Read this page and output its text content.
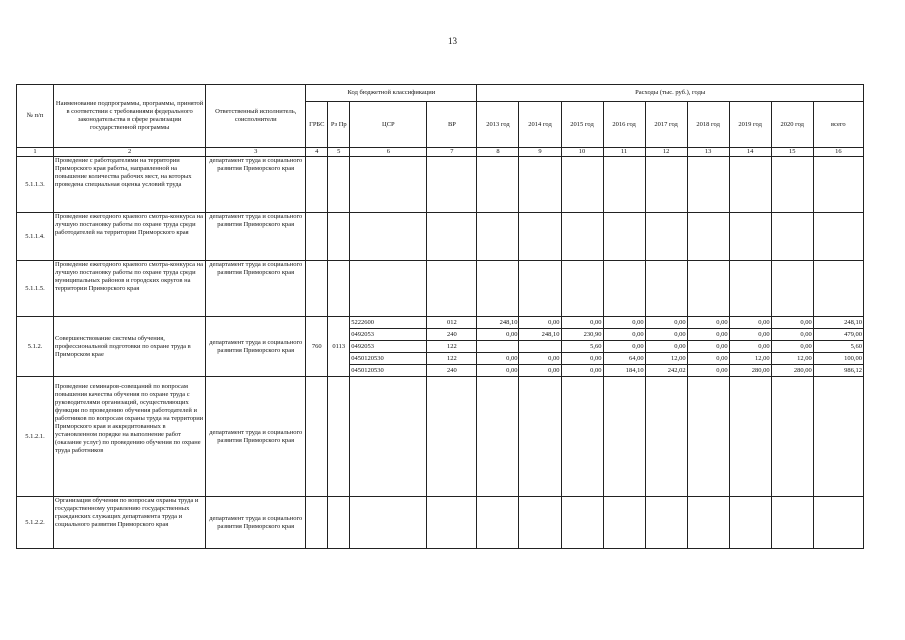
13
№ п/п	Наименование подпрограммы, программы, принятой в соответствии с требованиями федерального законодательства в сфере реализации государственной программы	Ответственный исполнитель, соисполнители	Код бюджетной классификации				Расходы (тыс. руб.), годы								
			ГРБС	Рз Пр	ЦСР	ВР	2013 год	2014 год	2015 год	2016 год	2017 год	2018 год	2019 год	2020 год	всего
1	2	3	4	5	6	7	8	9	10	11	12	13	14	15	16
5.1.1.3.	Проведение с работодателями на территории Приморского края работы, направленной на повышение количества рабочих мест, на которых проведена специальная оценка условий труда	департамент труда и социального развития Приморского края													
5.1.1.4.	Проведение ежегодного краевого смотра-конкурса на лучшую постановку работы по охране труда среди работодателей на территории Приморского края	департамент труда и социального развития Приморского края													
5.1.1.5.	Проведение ежегодного краевого смотра-конкурса на лучшую постановку работы по охране труда среди муниципальных районов и городских округов на территории Приморского края	департамент труда и социального развития Приморского края													
5.1.2.	Совершенствование системы обучения, профессиональной подготовки по охране труда в Приморском крае	департамент труда и социального развития Приморского края	760	0113	5222600	012	248,10	0,00	0,00	0,00	0,00	0,00	0,00	0,00	248,10
					0492053	240	0,00	248,10	230,90	0,00	0,00	0,00	0,00	0,00	479,00
					0492053	122			5,60	0,00	0,00	0,00	0,00	0,00	5,60
					0450120530	122	0,00	0,00	0,00	64,00	12,00	0,00	12,00	12,00	100,00
					0450120530	240	0,00	0,00	0,00	184,10	242,02	0,00	280,00	280,00	986,12
5.1.2.1.	Проведение семинаров-совещаний по вопросам повышения качества обучения по охране труда с руководителями организаций, осуществляющих функции по проведению обучения работодателей и работников по вопросам охраны труда на территории Приморского края и аккредитованных в установленном порядке на выполнение работ (оказание услуг) по проведению обучения по охране труда работников	департамент труда и социального развития Приморского края													
5.1.2.2.	Организация обучения по вопросам охраны труда и государственному управлению государственных гражданских служащих департамента труда и социального развития Приморского края	департамент труда и социального развития Приморского края													
